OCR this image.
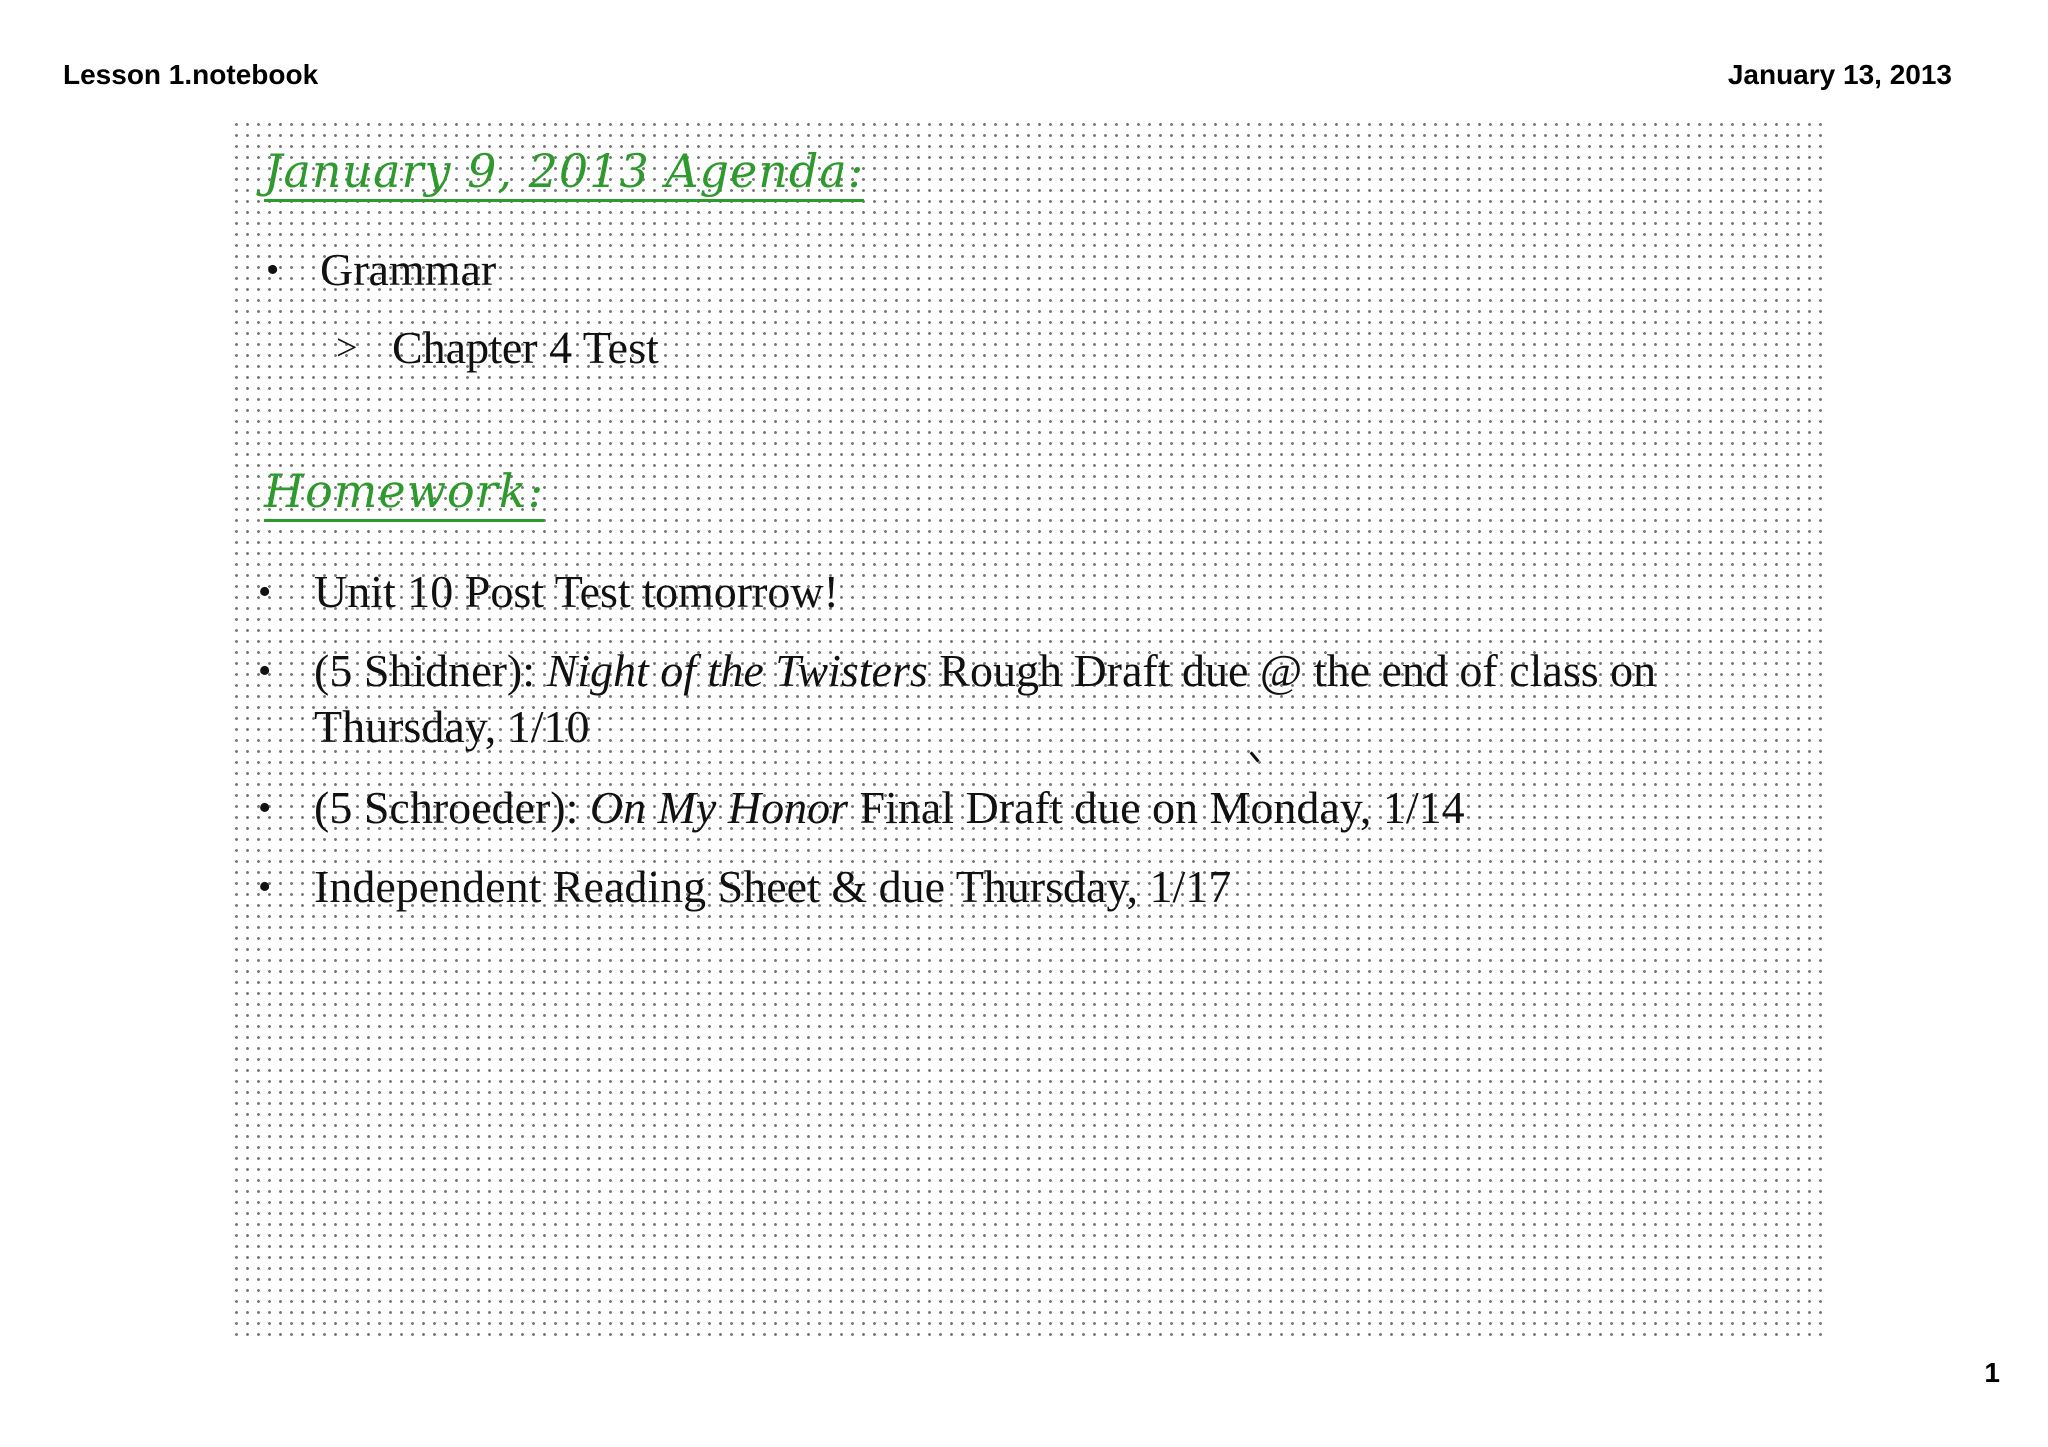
Lesson 1.notebook	January 13, 2013
January 9, 2013 Agenda:
• Grammar
> Chapter 4 Test
Homework:
• Unit 10 Post Test tomorrow!
• (5 Shidner): Night of the Twisters Rough Draft due @ the end of class on Thursday, 1/10
• (5 Schroeder): On My Honor Final Draft due on Monday, 1/14
• Independent Reading Sheet & due Thursday, 1/17
1
